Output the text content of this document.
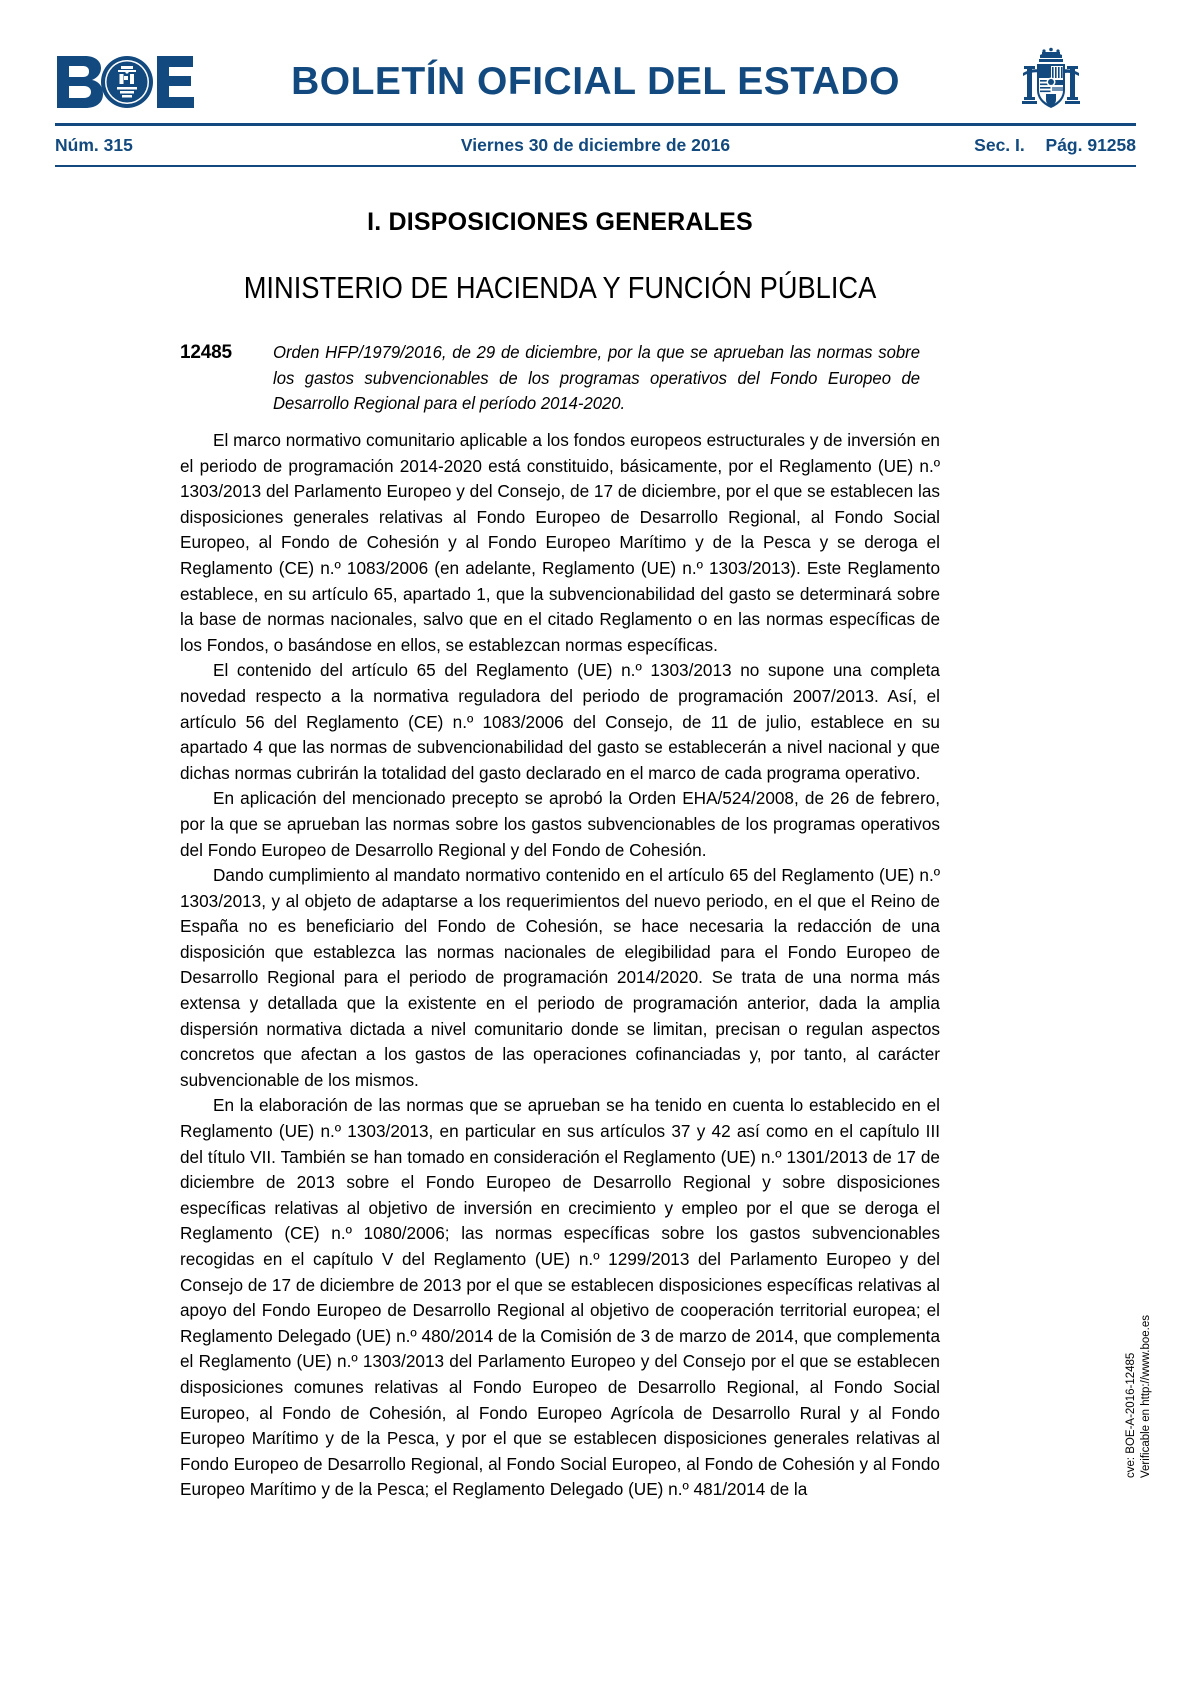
BOLETÍN OFICIAL DEL ESTADO
Núm. 315	Viernes 30 de diciembre de 2016	Sec. I. Pág. 91258
I. DISPOSICIONES GENERALES
MINISTERIO DE HACIENDA Y FUNCIÓN PÚBLICA
12485 Orden HFP/1979/2016, de 29 de diciembre, por la que se aprueban las normas sobre los gastos subvencionables de los programas operativos del Fondo Europeo de Desarrollo Regional para el período 2014-2020.

El marco normativo comunitario aplicable a los fondos europeos estructurales y de inversión en el periodo de programación 2014-2020 está constituido, básicamente, por el Reglamento (UE) n.º 1303/2013 del Parlamento Europeo y del Consejo, de 17 de diciembre, por el que se establecen las disposiciones generales relativas al Fondo Europeo de Desarrollo Regional, al Fondo Social Europeo, al Fondo de Cohesión y al Fondo Europeo Marítimo y de la Pesca y se deroga el Reglamento (CE) n.º 1083/2006 (en adelante, Reglamento (UE) n.º 1303/2013). Este Reglamento establece, en su artículo 65, apartado 1, que la subvencionabilidad del gasto se determinará sobre la base de normas nacionales, salvo que en el citado Reglamento o en las normas específicas de los Fondos, o basándose en ellos, se establezcan normas específicas.

El contenido del artículo 65 del Reglamento (UE) n.º 1303/2013 no supone una completa novedad respecto a la normativa reguladora del periodo de programación 2007/2013. Así, el artículo 56 del Reglamento (CE) n.º 1083/2006 del Consejo, de 11 de julio, establece en su apartado 4 que las normas de subvencionabilidad del gasto se establecerán a nivel nacional y que dichas normas cubrirán la totalidad del gasto declarado en el marco de cada programa operativo.

En aplicación del mencionado precepto se aprobó la Orden EHA/524/2008, de 26 de febrero, por la que se aprueban las normas sobre los gastos subvencionables de los programas operativos del Fondo Europeo de Desarrollo Regional y del Fondo de Cohesión.

Dando cumplimiento al mandato normativo contenido en el artículo 65 del Reglamento (UE) n.º 1303/2013, y al objeto de adaptarse a los requerimientos del nuevo periodo, en el que el Reino de España no es beneficiario del Fondo de Cohesión, se hace necesaria la redacción de una disposición que establezca las normas nacionales de elegibilidad para el Fondo Europeo de Desarrollo Regional para el periodo de programación 2014/2020. Se trata de una norma más extensa y detallada que la existente en el periodo de programación anterior, dada la amplia dispersión normativa dictada a nivel comunitario donde se limitan, precisan o regulan aspectos concretos que afectan a los gastos de las operaciones cofinanciadas y, por tanto, al carácter subvencionable de los mismos.

En la elaboración de las normas que se aprueban se ha tenido en cuenta lo establecido en el Reglamento (UE) n.º 1303/2013, en particular en sus artículos 37 y 42 así como en el capítulo III del título VII. También se han tomado en consideración el Reglamento (UE) n.º 1301/2013 de 17 de diciembre de 2013 sobre el Fondo Europeo de Desarrollo Regional y sobre disposiciones específicas relativas al objetivo de inversión en crecimiento y empleo por el que se deroga el Reglamento (CE) n.º 1080/2006; las normas específicas sobre los gastos subvencionables recogidas en el capítulo V del Reglamento (UE) n.º 1299/2013 del Parlamento Europeo y del Consejo de 17 de diciembre de 2013 por el que se establecen disposiciones específicas relativas al apoyo del Fondo Europeo de Desarrollo Regional al objetivo de cooperación territorial europea; el Reglamento Delegado (UE) n.º 480/2014 de la Comisión de 3 de marzo de 2014, que complementa el Reglamento (UE) n.º 1303/2013 del Parlamento Europeo y del Consejo por el que se establecen disposiciones comunes relativas al Fondo Europeo de Desarrollo Regional, al Fondo Social Europeo, al Fondo de Cohesión, al Fondo Europeo Agrícola de Desarrollo Rural y al Fondo Europeo Marítimo y de la Pesca, y por el que se establecen disposiciones generales relativas al Fondo Europeo de Desarrollo Regional, al Fondo Social Europeo, al Fondo de Cohesión y al Fondo Europeo Marítimo y de la Pesca; el Reglamento Delegado (UE) n.º 481/2014 de la

cve: BOE-A-2016-12485 Verificable en http://www.boe.es
